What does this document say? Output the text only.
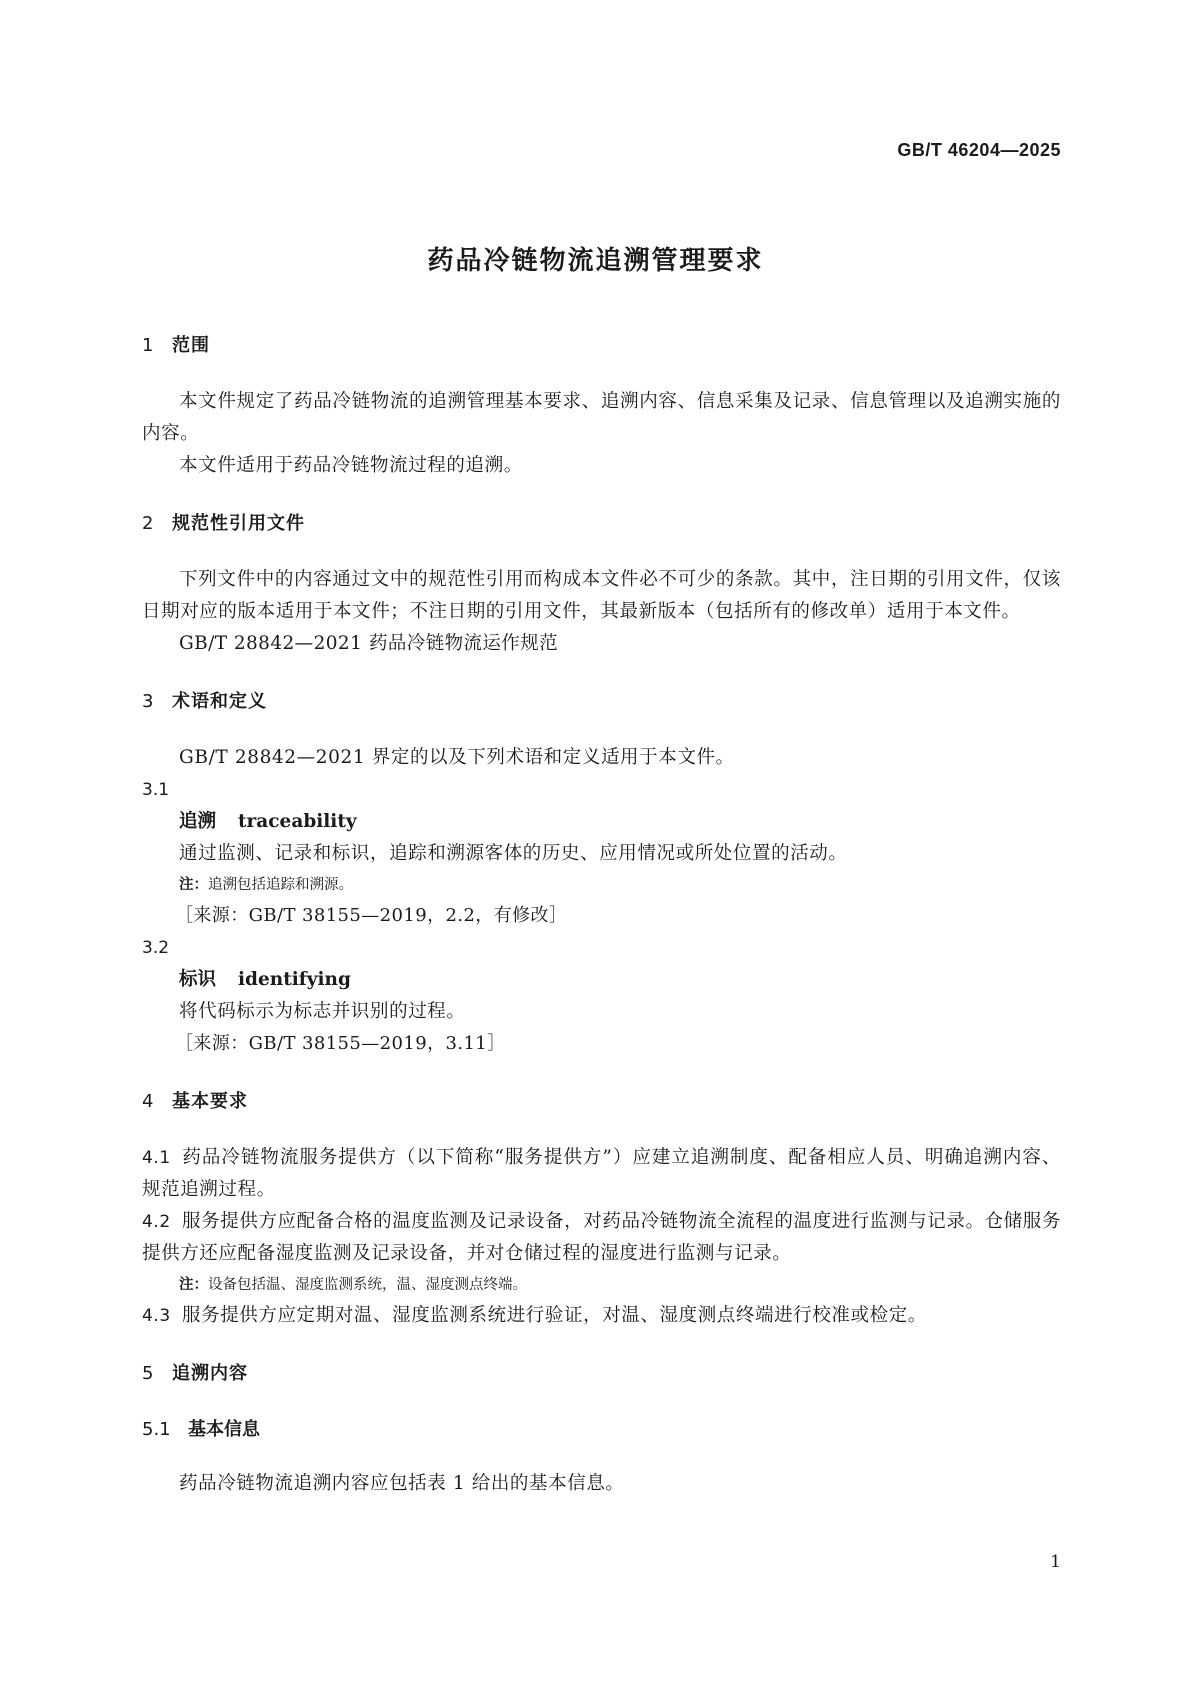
GB/T 46204—2025
药品冷链物流追溯管理要求
1 范围
本文件规定了药品冷链物流的追溯管理基本要求、追溯内容、信息采集及记录、信息管理以及追溯实施的内容。
本文件适用于药品冷链物流过程的追溯。
2 规范性引用文件
下列文件中的内容通过文中的规范性引用而构成本文件必不可少的条款。其中，注日期的引用文件，仅该日期对应的版本适用于本文件；不注日期的引用文件，其最新版本（包括所有的修改单）适用于本文件。
GB/T 28842—2021 药品冷链物流运作规范
3 术语和定义
GB/T 28842—2021 界定的以及下列术语和定义适用于本文件。
3.1
追溯 traceability
通过监测、记录和标识，追踪和溯源客体的历史、应用情况或所处位置的活动。
注：追溯包括追踪和溯源。
［来源：GB/T 38155—2019，2.2，有修改］
3.2
标识 identifying
将代码标示为标志并识别的过程。
［来源：GB/T 38155—2019，3.11］
4 基本要求
4.1 药品冷链物流服务提供方（以下简称“服务提供方”）应建立追溯制度、配备相应人员、明确追溯内容、规范追溯过程。
4.2 服务提供方应配备合格的温度监测及记录设备，对药品冷链物流全流程的温度进行监测与记录。仓储服务提供方还应配备湿度监测及记录设备，并对仓储过程的湿度进行监测与记录。
注：设备包括温、湿度监测系统，温、湿度测点终端。
4.3 服务提供方应定期对温、湿度监测系统进行验证，对温、湿度测点终端进行校准或检定。
5 追溯内容
5.1 基本信息
药品冷链物流追溯内容应包括表 1 给出的基本信息。
1
